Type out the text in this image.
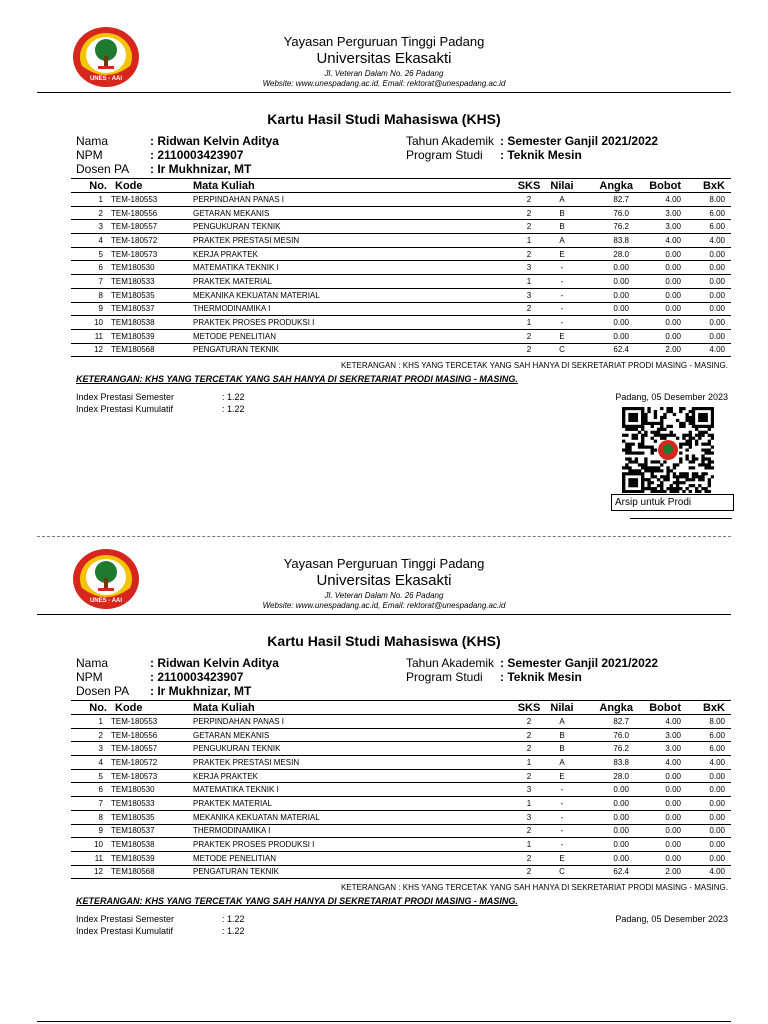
UNES - AAI
Yayasan Perguruan Tinggi Padang
Universitas Ekasakti
Jl. Veteran Dalam No. 26 Padang
Website: www.unespadang.ac.id, Email: rektorat@unespadang.ac.id
Kartu Hasil Studi Mahasiswa (KHS)
Nama	: Ridwan Kelvin Aditya
NPM	: 2110003423907
Dosen PA : Ir Mukhnizar, MT
Tahun Akademik : Semester Ganjil 2021/2022
Program Studi : Teknik Mesin
No.	Kode	Mata Kuliah	SKS	Nilai	Angka	Bobot	BxK
1	TEM-180553	PERPINDAHAN PANAS I	2	A	82.7	4.00	8.00
2	TEM-180556	GETARAN MEKANIS	2	B	76.0	3.00	6.00
3	TEM-180557	PENGUKURAN TEKNIK	2	B	76.2	3.00	6.00
4	TEM-180572	PRAKTEK PRESTASI MESIN	1	A	83.8	4.00	4.00
5	TEM-180573	KERJA PRAKTEK	2	E	28.0	0.00	0.00
6	TEM180530	MATEMATIKA TEKNIK I	3	-	0.00	0.00	0.00
7	TEM180533	PRAKTEK MATERIAL	1	-	0.00	0.00	0.00
8	TEM180535	MEKANIKA KEKUATAN MATERIAL	3	-	0.00	0.00	0.00
9	TEM180537	THERMODINAMIKA I	2	-	0.00	0.00	0.00
10	TEM180538	PRAKTEK PROSES PRODUKSI I	1	-	0.00	0.00	0.00
11	TEM180539	METODE PENELITIAN	2	E	0.00	0.00	0.00
12	TEM180568	PENGATURAN TEKNIK	2	C	62.4	2.00	4.00
KETERANGAN : KHS YANG TERCETAK YANG SAH HANYA DI SEKRETARIAT PRODI MASING - MASING.
KETERANGAN: KHS YANG TERCETAK YANG SAH HANYA DI SEKRETARIAT PRODI MASING - MASING.
Index Prestasi Semester	: 1.22
Index Prestasi Kumulatif	: 1.22
Padang, 05 Desember 2023
Arsip untuk Prodi
UNES - AAI
Yayasan Perguruan Tinggi Padang
Universitas Ekasakti
Jl. Veteran Dalam No. 26 Padang
Website: www.unespadang.ac.id, Email: rektorat@unespadang.ac.id
Kartu Hasil Studi Mahasiswa (KHS)
Nama	: Ridwan Kelvin Aditya
NPM	: 2110003423907
Dosen PA : Ir Mukhnizar, MT
Tahun Akademik : Semester Ganjil 2021/2022
Program Studi : Teknik Mesin
No.	Kode	Mata Kuliah	SKS	Nilai	Angka	Bobot	BxK
1	TEM-180553	PERPINDAHAN PANAS I	2	A	82.7	4.00	8.00
2	TEM-180556	GETARAN MEKANIS	2	B	76.0	3.00	6.00
3	TEM-180557	PENGUKURAN TEKNIK	2	B	76.2	3.00	6.00
4	TEM-180572	PRAKTEK PRESTASI MESIN	1	A	83.8	4.00	4.00
5	TEM-180573	KERJA PRAKTEK	2	E	28.0	0.00	0.00
6	TEM180530	MATEMATIKA TEKNIK I	3	-	0.00	0.00	0.00
7	TEM180533	PRAKTEK MATERIAL	1	-	0.00	0.00	0.00
8	TEM180535	MEKANIKA KEKUATAN MATERIAL	3	-	0.00	0.00	0.00
9	TEM180537	THERMODINAMIKA I	2	-	0.00	0.00	0.00
10	TEM180538	PRAKTEK PROSES PRODUKSI I	1	-	0.00	0.00	0.00
11	TEM180539	METODE PENELITIAN	2	E	0.00	0.00	0.00
12	TEM180568	PENGATURAN TEKNIK	2	C	62.4	2.00	4.00
KETERANGAN : KHS YANG TERCETAK YANG SAH HANYA DI SEKRETARIAT PRODI MASING - MASING.
KETERANGAN: KHS YANG TERCETAK YANG SAH HANYA DI SEKRETARIAT PRODI MASING - MASING.
Index Prestasi Semester	: 1.22
Index Prestasi Kumulatif	: 1.22
Padang, 05 Desember 2023
